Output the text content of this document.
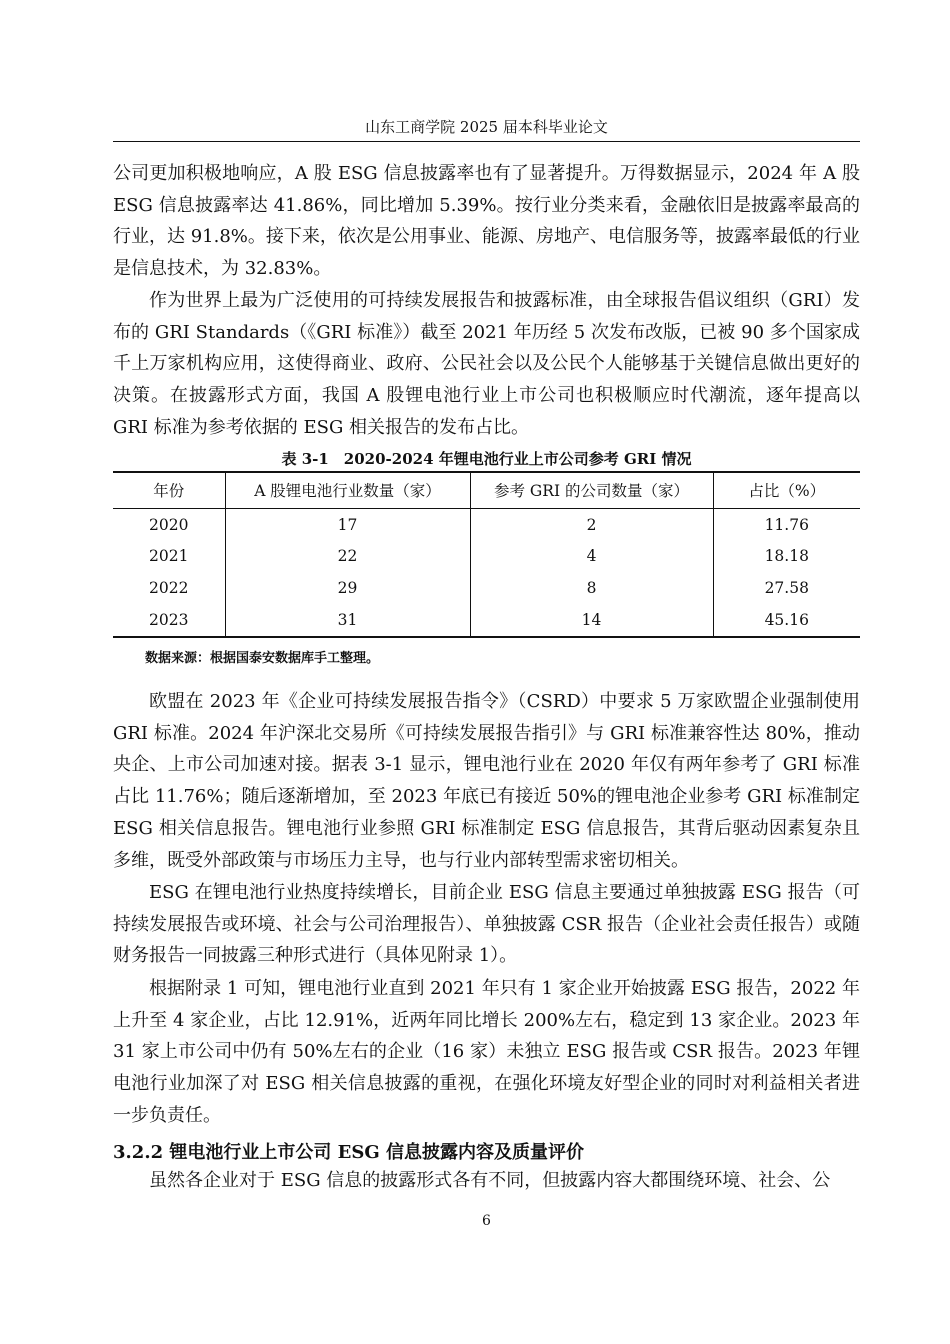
山东工商学院 2025 届本科毕业论文

公司更加积极地响应，A 股 ESG 信息披露率也有了显著提升。万得数据显示，2024 年 A 股 ESG 信息披露率达 41.86%，同比增加 5.39%。按行业分类来看，金融依旧是披露率最高的行业，达 91.8%。接下来，依次是公用事业、能源、房地产、电信服务等，披露率最低的行业是信息技术，为 32.83%。

作为世界上最为广泛使用的可持续发展报告和披露标准，由全球报告倡议组织（GRI）发布的 GRI Standards（《GRI 标准》）截至 2021 年历经 5 次发布改版，已被 90 多个国家成千上万家机构应用，这使得商业、政府、公民社会以及公民个人能够基于关键信息做出更好的决策。在披露形式方面，我国 A 股锂电池行业上市公司也积极顺应时代潮流，逐年提高以 GRI 标准为参考依据的 ESG 相关报告的发布占比。

表 3-1　2020-2024 年锂电池行业上市公司参考 GRI 情况
年份	A 股锂电池行业数量（家）	参考 GRI 的公司数量（家）	占比（%）
2020	17	2	11.76
2021	22	4	18.18
2022	29	8	27.58
2023	31	14	45.16
数据来源：根据国泰安数据库手工整理。

欧盟在 2023 年《企业可持续发展报告指令》（CSRD）中要求 5 万家欧盟企业强制使用 GRI 标准。2024 年沪深北交易所《可持续发展报告指引》与 GRI 标准兼容性达 80%，推动央企、上市公司加速对接。据表 3-1 显示，锂电池行业在 2020 年仅有两年参考了 GRI 标准占比 11.76%；随后逐渐增加，至 2023 年底已有接近 50%的锂电池企业参考 GRI 标准制定 ESG 相关信息报告。锂电池行业参照 GRI 标准制定 ESG 信息报告，其背后驱动因素复杂且多维，既受外部政策与市场压力主导，也与行业内部转型需求密切相关。

ESG 在锂电池行业热度持续增长，目前企业 ESG 信息主要通过单独披露 ESG 报告（可持续发展报告或环境、社会与公司治理报告）、单独披露 CSR 报告（企业社会责任报告）或随财务报告一同披露三种形式进行（具体见附录 1）。

根据附录 1 可知，锂电池行业直到 2021 年只有 1 家企业开始披露 ESG 报告，2022 年上升至 4 家企业，占比 12.91%，近两年同比增长 200%左右，稳定到 13 家企业。2023 年 31 家上市公司中仍有 50%左右的企业（16 家）未独立 ESG 报告或 CSR 报告。2023 年锂电池行业加深了对 ESG 相关信息披露的重视，在强化环境友好型企业的同时对利益相关者进一步负责任。

3.2.2 锂电池行业上市公司 ESG 信息披露内容及质量评价

虽然各企业对于 ESG 信息的披露形式各有不同，但披露内容大都围绕环境、社会、公

6
